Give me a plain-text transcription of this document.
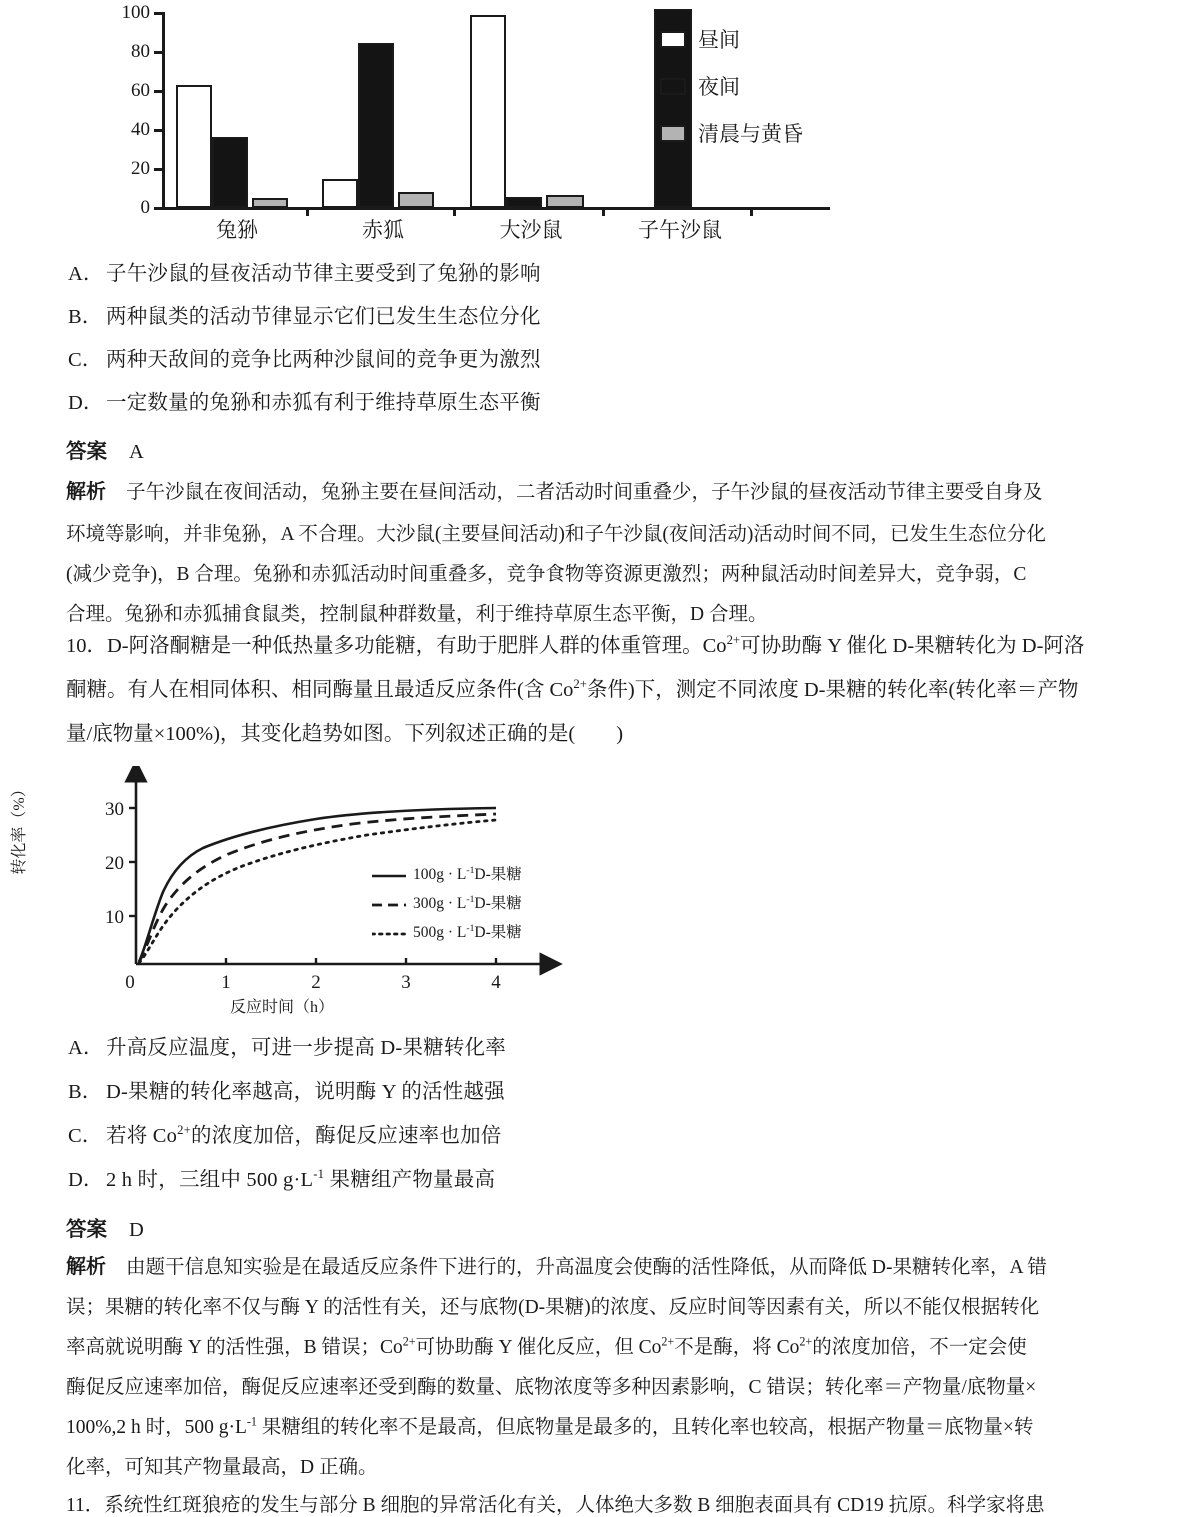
100
80
60
40
20
0
兔狲	赤狐	大沙鼠	子午沙鼠
昼间
夜间
清晨与黄昏
A． 子午沙鼠的昼夜活动节律主要受到了兔狲的影响
B． 两种鼠类的活动节律显示它们已发生生态位分化
C． 两种天敌间的竞争比两种沙鼠间的竞争更为激烈
D． 一定数量的兔狲和赤狐有利于维持草原生态平衡
答案 A
解析 子午沙鼠在夜间活动，兔狲主要在昼间活动，二者活动时间重叠少，子午沙鼠的昼夜活动节律主要受自身及
环境等影响，并非兔狲，A 不合理。大沙鼠(主要昼间活动)和子午沙鼠(夜间活动)活动时间不同，已发生生态位分化
(减少竞争)，B 合理。兔狲和赤狐活动时间重叠多，竞争食物等资源更激烈；两种鼠活动时间差异大，竞争弱，C
合理。兔狲和赤狐捕食鼠类，控制鼠种群数量，利于维持草原生态平衡，D 合理。
10．D-阿洛酮糖是一种低热量多功能糖，有助于肥胖人群的体重管理。$Co^{2+}$可协助酶 Y 催化 D-果糖转化为 D-阿洛
酮糖。有人在相同体积、相同酶量且最适反应条件(含 $Co^{2+}$条件)下，测定不同浓度 D-果糖的转化率(转化率＝产物
量/底物量×100%)，其变化趋势如图。下列叙述正确的是(　　)
转化率（%）	30
20
10
0	1	2	3	4
反应时间（h）
$100g \cdot L^{-1}D-$果糖
$300g \cdot L^{-1}D-$果糖
$500g \cdot L^{-1}D-$果糖
A． 升高反应温度，可进一步提高 D-果糖转化率
B． D-果糖的转化率越高，说明酶 Y 的活性越强
C． 若将 $Co^{2+}$的浓度加倍，酶促反应速率也加倍
D． 2 h 时，三组中 500 $g\cdot L^{-1}$ 果糖组产物量最高
答案 D
解析 由题干信息知实验是在最适反应条件下进行的，升高温度会使酶的活性降低，从而降低 D-果糖转化率，A 错
误；果糖的转化率不仅与酶 Y 的活性有关，还与底物(D-果糖)的浓度、反应时间等因素有关，所以不能仅根据转化
率高就说明酶 Y 的活性强，B 错误；$Co^{2+}$可协助酶 Y 催化反应，但 $Co^{2+}$不是酶，将 $Co^{2+}$的浓度加倍，不一定会使
酶促反应速率加倍，酶促反应速率还受到酶的数量、底物浓度等多种因素影响，C 错误；转化率＝产物量/底物量×
100%,2 h 时，500 $g\cdot L^{-1}$ 果糖组的转化率不是最高，但底物量是最多的，且转化率也较高，根据产物量＝底物量×转
化率，可知其产物量最高，D 正确。
11．系统性红斑狼疮的发生与部分 B 细胞的异常活化有关，人体绝大多数 B 细胞表面具有 CD19 抗原。科学家将患
